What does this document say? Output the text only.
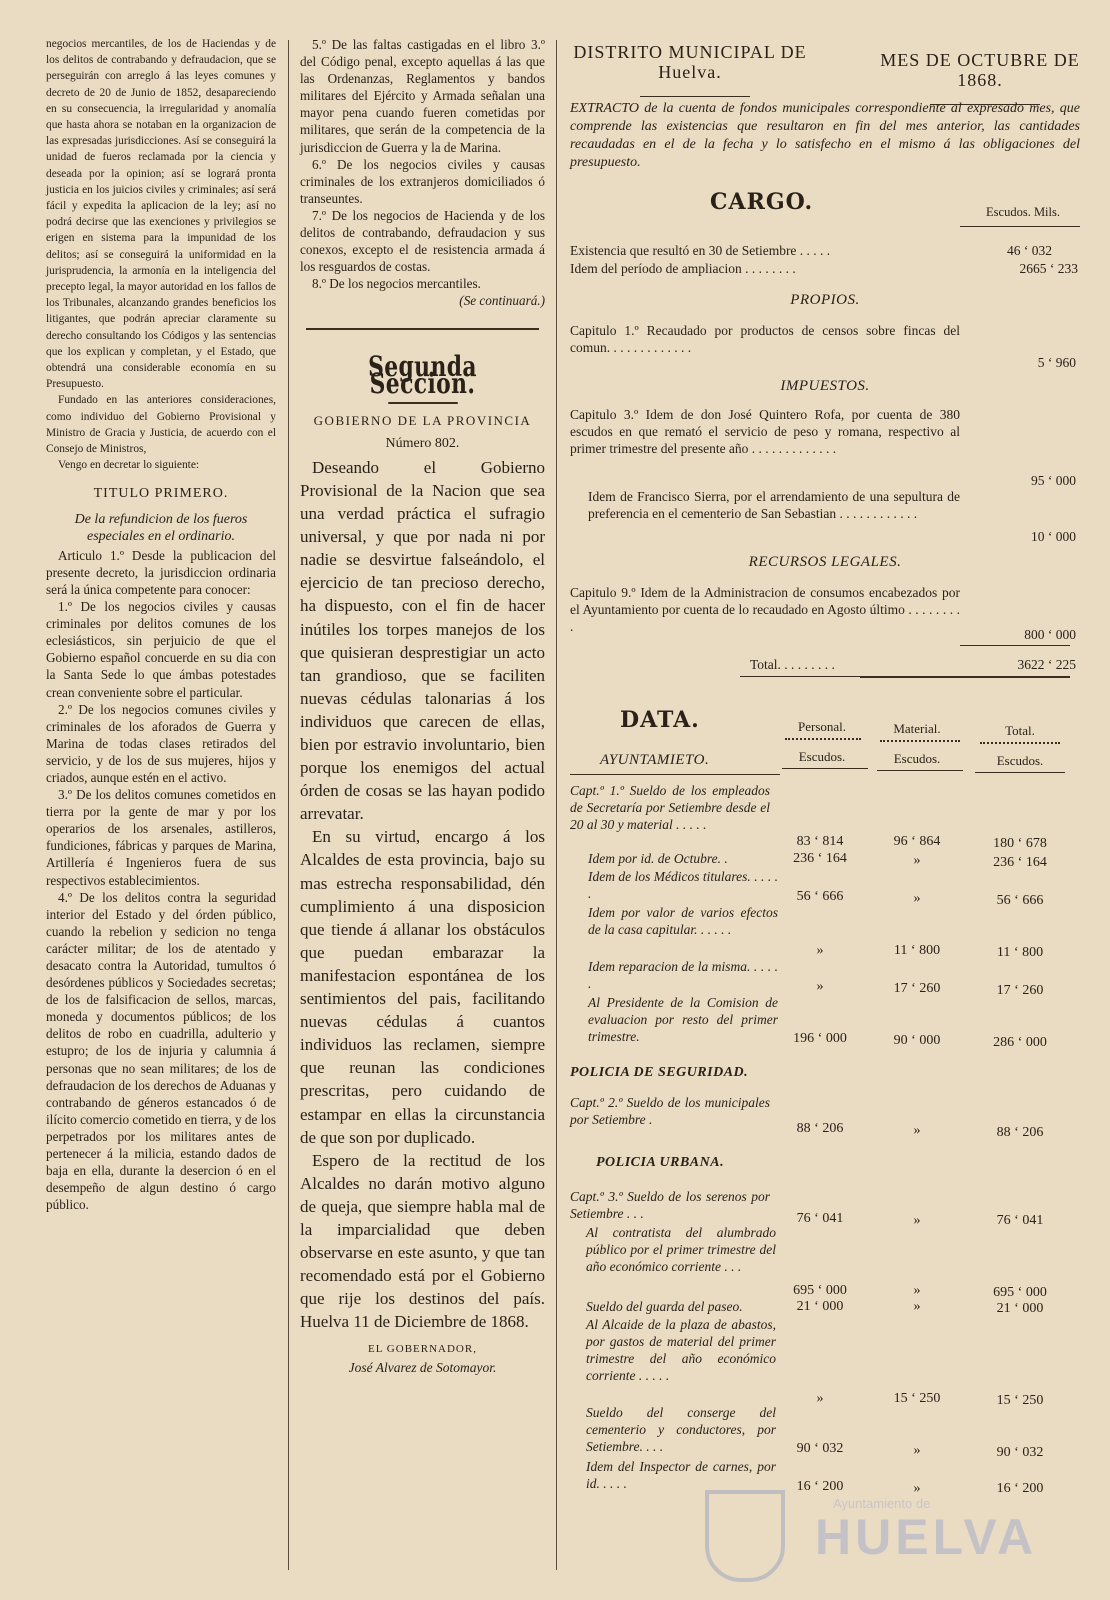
negocios mercantiles, de los de Haciendas y de los delitos de contrabando y defraudacion, que se perseguirán con arreglo á las leyes comunes y decreto de 20 de Junio de 1852, desapareciendo en su consecuencia, la irregularidad y anomalía que hasta ahora se notaban en la organizacion de las expresadas jurisdicciones. Así se conseguirá la unidad de fueros reclamada por la ciencia y deseada por la opinion; así se logrará pronta justicia en los juicios civiles y criminales; así será fácil y expedita la aplicacion de la ley; así no podrá decirse que las exenciones y privilegios se erigen en sistema para la impunidad de los delitos; así se conseguirá la uniformidad en la jurisprudencia, la armonía en la inteligencia del precepto legal, la mayor autoridad en los fallos de los Tribunales, alcanzando grandes beneficios los litigantes, que podrán apreciar claramente su derecho consultando los Códigos y las sentencias que los explican y completan, y el Estado, que obtendrá una considerable economía en su Presupuesto.

Fundado en las anteriores consideraciones, como individuo del Gobierno Provisional y Ministro de Gracia y Justicia, de acuerdo con el Consejo de Ministros,

Vengo en decretar lo siguiente:

TITULO PRIMERO.
De la refundicion de los fueros especiales en el ordinario.

Articulo 1.º Desde la publicacion del presente decreto, la jurisdiccion ordinaria será la única competente para conocer:

1.º De los negocios civiles y causas criminales por delitos comunes de los eclesiásticos, sin perjuicio de que el Gobierno español concuerde en su dia con la Santa Sede lo que ámbas potestades crean conveniente sobre el particular.

2.º De los negocios comunes civiles y criminales de los aforados de Guerra y Marina de todas clases retirados del servicio, y de los de sus mujeres, hijos y criados, aunque estén en el activo.

3.º De los delitos comunes cometidos en tierra por la gente de mar y por los operarios de los arsenales, astilleros, fundiciones, fábricas y parques de Marina, Artillería é Ingenieros fuera de sus respectivos establecimientos.

4.º De los delitos contra la seguridad interior del Estado y del órden público, cuando la rebelion y sedicion no tenga carácter militar; de los de atentado y desacato contra la Autoridad, tumultos ó desórdenes públicos y Sociedades secretas; de los de falsificacion de sellos, marcas, moneda y documentos públicos; de los delitos de robo en cuadrilla, adulterio y estupro; de los de injuria y calumnia á personas que no sean militares; de los de defraudacion de los derechos de Aduanas y contrabando de géneros estancados ó de ilícito comercio cometido en tierra, y de los perpetrados por los militares antes de pertenecer á la milicia, estando dados de baja en ella, durante la desercion ó en el desempeño de algun destino ó cargo público.

5.º De las faltas castigadas en el libro 3.º del Código penal, excepto aquellas á las que las Ordenanzas, Reglamentos y bandos militares del Ejército y Armada señalan una mayor pena cuando fueren cometidas por militares, que serán de la competencia de la jurisdiccion de Guerra y la de Marina.

6.º De los negocios civiles y causas criminales de los extranjeros domiciliados ó transeuntes.

7.º De los negocios de Hacienda y de los delitos de contrabando, defraudacion y sus conexos, excepto el de resistencia armada á los resguardos de costas.

8.º De los negocios mercantiles.

(Se continuará.)
Segunda Seccion.
GOBIERNO DE LA PROVINCIA
Número 802.

Deseando el Gobierno Provisional de la Nacion que sea una verdad práctica el sufragio universal, y que por nada ni por nadie se desvirtue falseándolo, el ejercicio de tan precioso derecho, ha dispuesto, con el fin de hacer inútiles los torpes manejos de los que quisieran desprestigiar un acto tan grandioso, que se faciliten nuevas cédulas talonarias á los individuos que carecen de ellas, bien por estravio involuntario, bien porque los enemigos del actual órden de cosas se las hayan podido arrevatar.

En su virtud, encargo á los Alcaldes de esta provincia, bajo su mas estrecha responsabilidad, dén cumplimiento á una disposicion que tiende á allanar los obstáculos que puedan embarazar la manifestacion espontánea de los sentimientos del pais, facilitando nuevas cédulas á cuantos individuos las reclamen, siempre que reunan las condiciones prescritas, pero cuidando de estampar en ellas la circunstancia de que son por duplicado.

Espero de la rectitud de los Alcaldes no darán motivo alguno de queja, que siempre habla mal de la imparcialidad que deben observarse en este asunto, y que tan recomendado está por el Gobierno que rije los destinos del país. Huelva 11 de Diciembre de 1868.

EL GOBERNADOR,
José Alvarez de Sotomayor.
DISTRITO MUNICIPAL DE Huelva.
MES DE OCTUBRE DE 1868.
EXTRACTO de la cuenta de fondos municipales correspondiente al expresado mes, que comprende las existencias que resultaron en fin del mes anterior, las cantidades recaudadas en el de la fecha y lo satisfecho en el mismo á las obligaciones del presupuesto.
CARGO.	Escudos. Mils.
Existencia que resultó en 30 de Setiembre . . . . .	46 ‘ 032
Idem del período de ampliacion . . . . . . . .	2665 ‘ 233
PROPIOS.
Capitulo 1.º Recaudado por productos de censos sobre fincas del comun. . . . . . . . . . . . .
5 ‘ 960
IMPUESTOS.
Capitulo 3.º Idem de don José Quintero Rofa, por cuenta de 380 escudos en que remató el servicio de peso y romana, respectivo al primer trimestre del presente año . . . . . . . . . . . . .
95 ‘ 000
Idem de Francisco Sierra, por el arrendamiento de una sepultura de preferencia en el cementerio de San Sebastian . . . . . . . . . . . .
10 ‘ 000
RECURSOS LEGALES.
Capitulo 9.º Idem de la Administracion de consumos encabezados por el Ayuntamiento por cuenta de lo recaudado en Agosto último . . . . . . . . .
800 ‘ 000
Total. . . . . . . . .	3622 ‘ 225
DATA.	Personal.	Material.	Total.
Escudos.	Escudos.	Escudos.
AYUNTAMIETO.
Capt.º 1.º Sueldo de los empleados de Secretaría por Setiembre desde el 20 al 30 y material . . . . .
83 ‘ 814	96 ‘ 864	180 ‘ 678
Idem por id. de Octubre. .	236 ‘ 164	»	236 ‘ 164
Idem de los Médicos titulares. . . . . .	56 ‘ 666	»	56 ‘ 666
Idem por valor de varios efectos de la casa capitular. . . . . .
»	11 ‘ 800	11 ‘ 800
Idem reparacion de la misma. . . . . .	»	17 ‘ 260	17 ‘ 260
Al Presidente de la Comision de evaluacion por resto del primer trimestre.	196 ‘ 000	90 ‘ 000	286 ‘ 000
POLICIA DE SEGURIDAD.
Capt.º 2.º Sueldo de los municipales por Setiembre .
88 ‘ 206	»	88 ‘ 206
POLICIA URBANA.
Capt.º 3.º Sueldo de los serenos por Setiembre . . .	76 ‘ 041	»	76 ‘ 041
Al contratista del alumbrado público por el primer trimestre del año económico corriente . . .
695 ‘ 000	»	695 ‘ 000
Sueldo del guarda del paseo.	21 ‘ 000	»	21 ‘ 000
Al Alcaide de la plaza de abastos, por gastos de material del primer trimestre del año económico corriente . . . . .
»	15 ‘ 250	15 ‘ 250
Sueldo del conserge del cementerio y conductores, por Setiembre. . . .	90 ‘ 032	»	90 ‘ 032
Idem del Inspector de carnes, por id. . . . .	16 ‘ 200	»	16 ‘ 200
Ayuntamiento de
HUELVA
